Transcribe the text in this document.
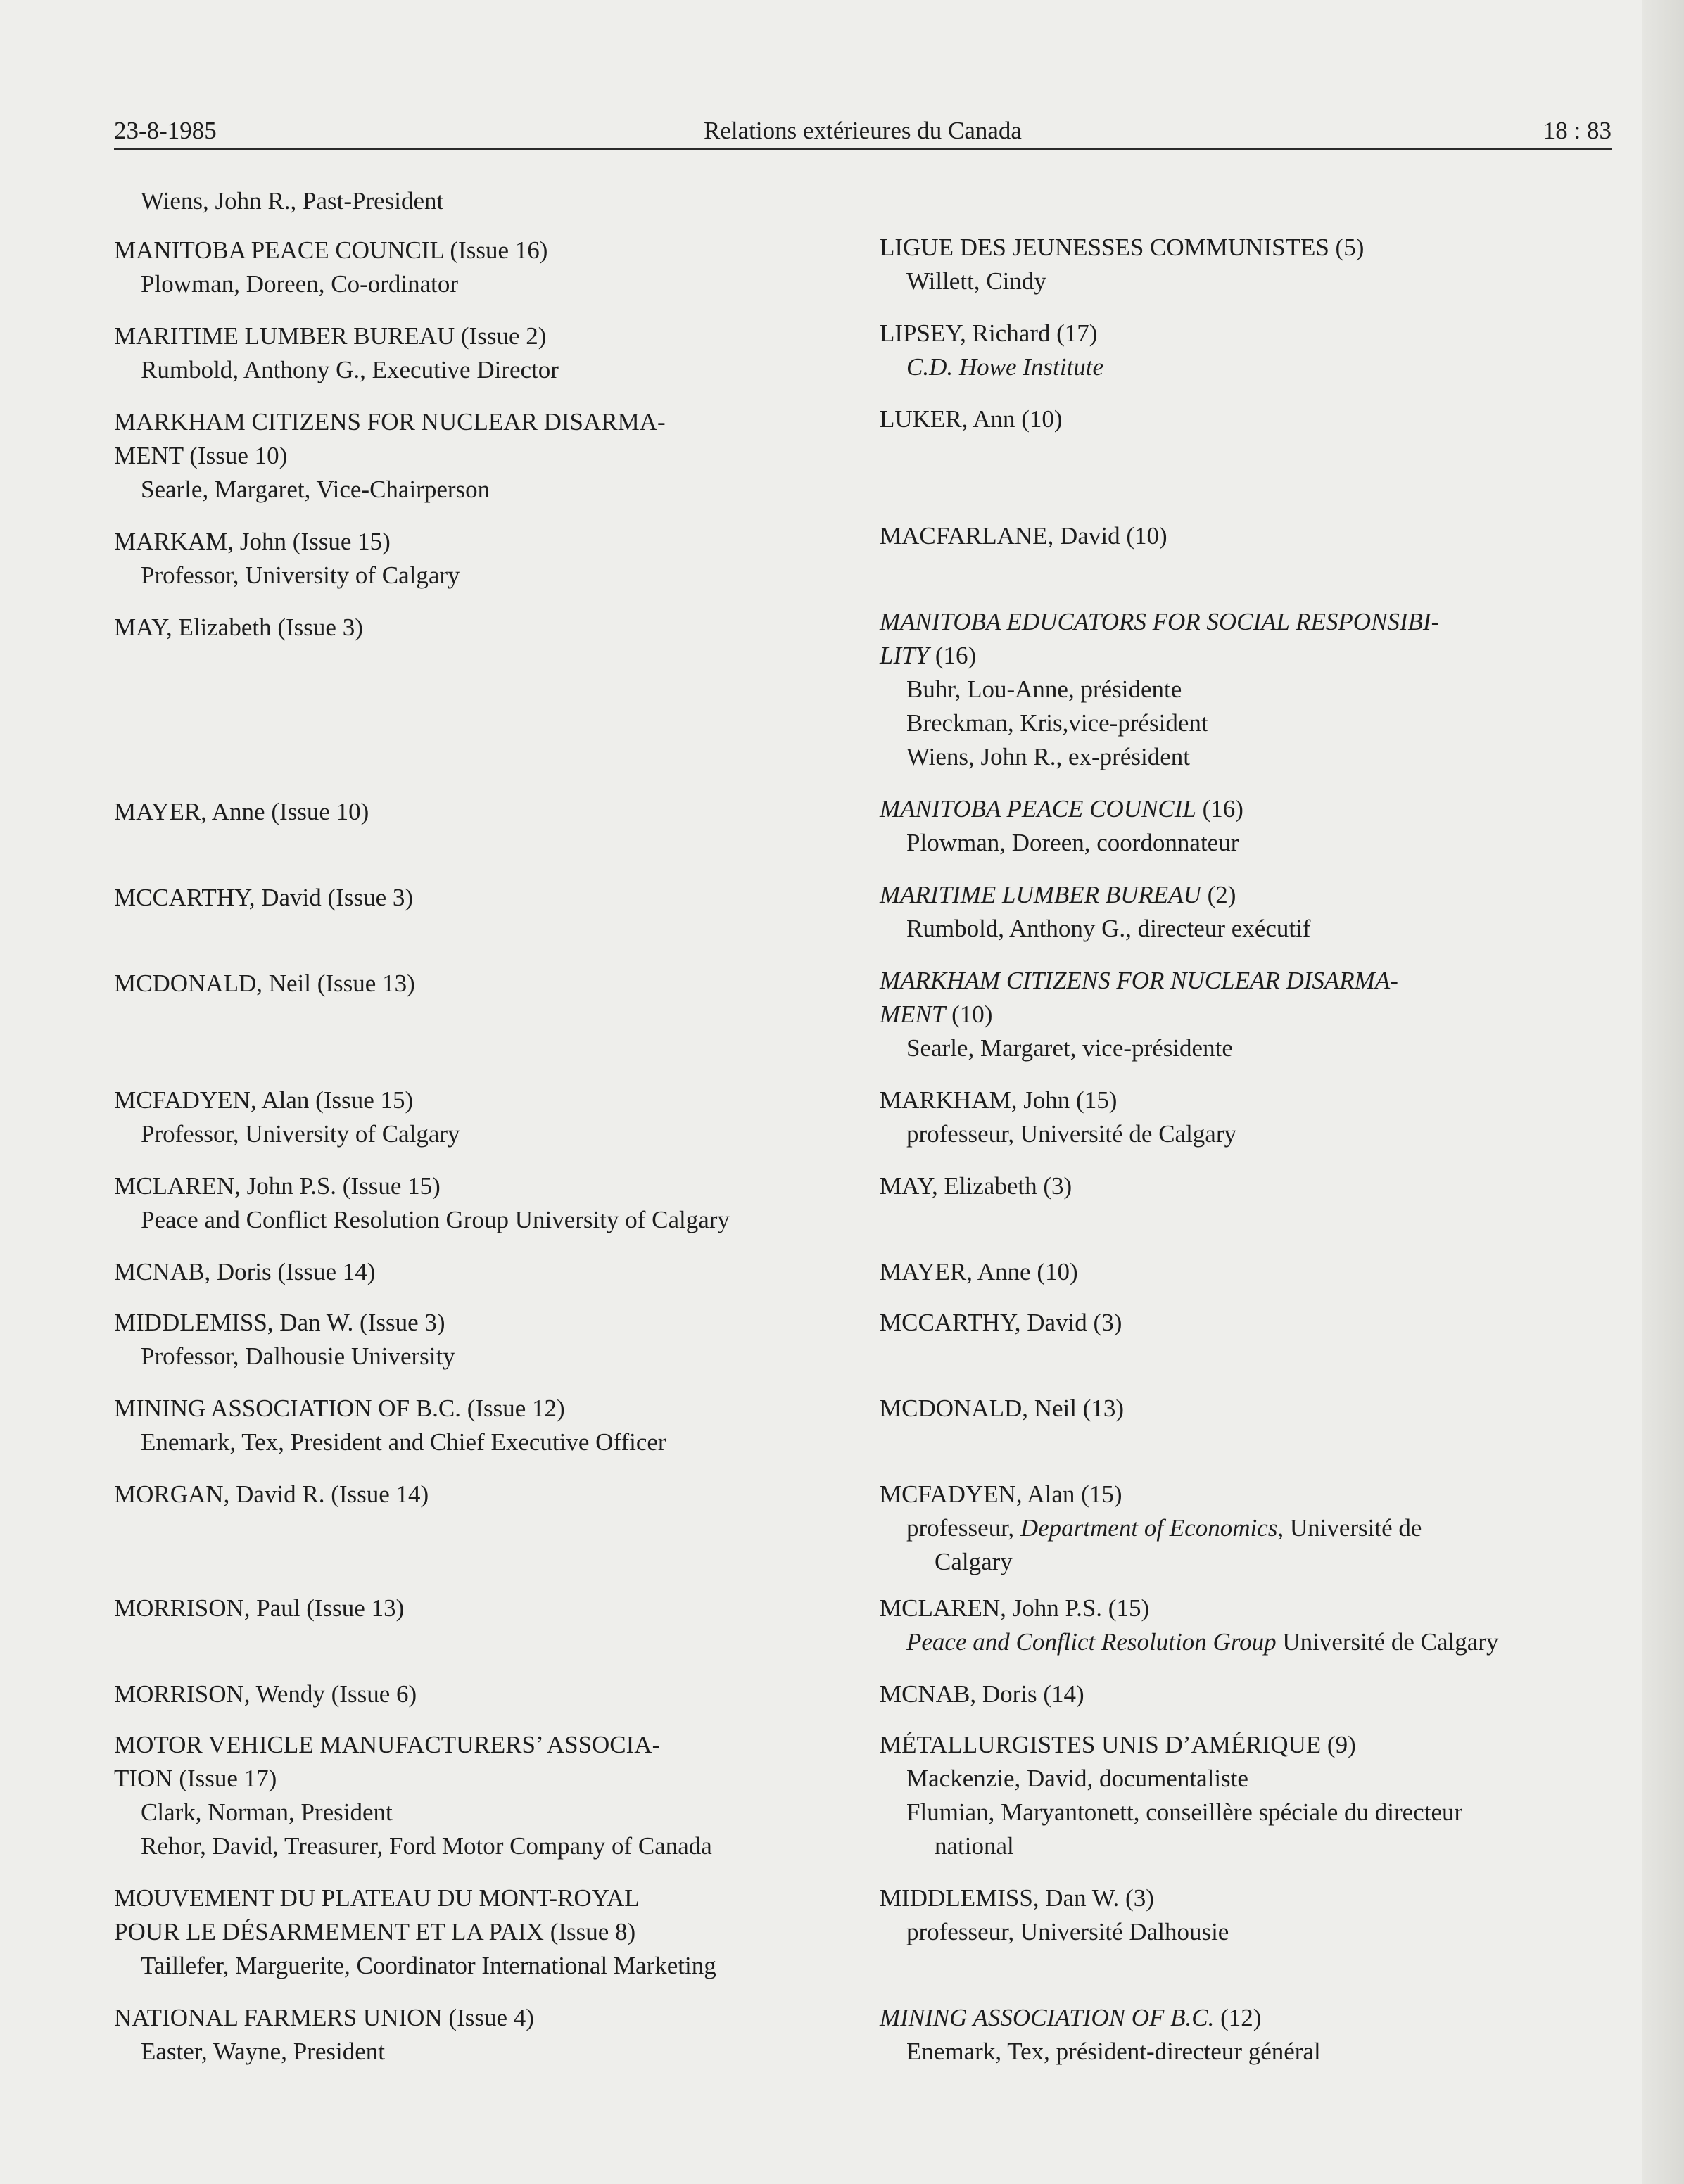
23-8-1985	Relations extérieures du Canada	18 : 83
Wiens, John R., Past-President
MANITOBA PEACE COUNCIL (Issue 16)
Plowman, Doreen, Co-ordinator
MARITIME LUMBER BUREAU (Issue 2)
Rumbold, Anthony G., Executive Director
MARKHAM CITIZENS FOR NUCLEAR DISARMA-
MENT (Issue 10)
Searle, Margaret, Vice-Chairperson
MARKAM, John (Issue 15)
Professor, University of Calgary
MAY, Elizabeth (Issue 3)
MAYER, Anne (Issue 10)
MCCARTHY, David (Issue 3)
MCDONALD, Neil (Issue 13)
MCFADYEN, Alan (Issue 15)
Professor, University of Calgary
MCLAREN, John P.S. (Issue 15)
Peace and Conflict Resolution Group University of Calgary
MCNAB, Doris (Issue 14)
MIDDLEMISS, Dan W. (Issue 3)
Professor, Dalhousie University
MINING ASSOCIATION OF B.C. (Issue 12)
Enemark, Tex, President and Chief Executive Officer
MORGAN, David R. (Issue 14)
MORRISON, Paul (Issue 13)
MORRISON, Wendy (Issue 6)
MOTOR VEHICLE MANUFACTURERS’ ASSOCIA-
TION (Issue 17)
Clark, Norman, President
Rehor, David, Treasurer, Ford Motor Company of Canada
MOUVEMENT DU PLATEAU DU MONT-ROYAL
POUR LE DÉSARMEMENT ET LA PAIX (Issue 8)
Taillefer, Marguerite, Coordinator International Marketing
NATIONAL FARMERS UNION (Issue 4)
Easter, Wayne, President
LIGUE DES JEUNESSES COMMUNISTES (5)
Willett, Cindy
LIPSEY, Richard (17)
C.D. Howe Institute
LUKER, Ann (10)
MACFARLANE, David (10)
MANITOBA EDUCATORS FOR SOCIAL RESPONSIBI-
LITY (16)
Buhr, Lou-Anne, présidente
Breckman, Kris,vice-président
Wiens, John R., ex-président
MANITOBA PEACE COUNCIL (16)
Plowman, Doreen, coordonnateur
MARITIME LUMBER BUREAU (2)
Rumbold, Anthony G., directeur exécutif
MARKHAM CITIZENS FOR NUCLEAR DISARMA-
MENT (10)
Searle, Margaret, vice-présidente
MARKHAM, John (15)
professeur, Université de Calgary
MAY, Elizabeth (3)
MAYER, Anne (10)
MCCARTHY, David (3)
MCDONALD, Neil (13)
MCFADYEN, Alan (15)
professeur, Department of Economics, Université de
Calgary
MCLAREN, John P.S. (15)
Peace and Conflict Resolution Group Université de Calgary
MCNAB, Doris (14)
MÉTALLURGISTES UNIS D’AMÉRIQUE (9)
Mackenzie, David, documentaliste
Flumian, Maryantonett, conseillère spéciale du directeur
national
MIDDLEMISS, Dan W. (3)
professeur, Université Dalhousie
MINING ASSOCIATION OF B.C. (12)
Enemark, Tex, président-directeur général
